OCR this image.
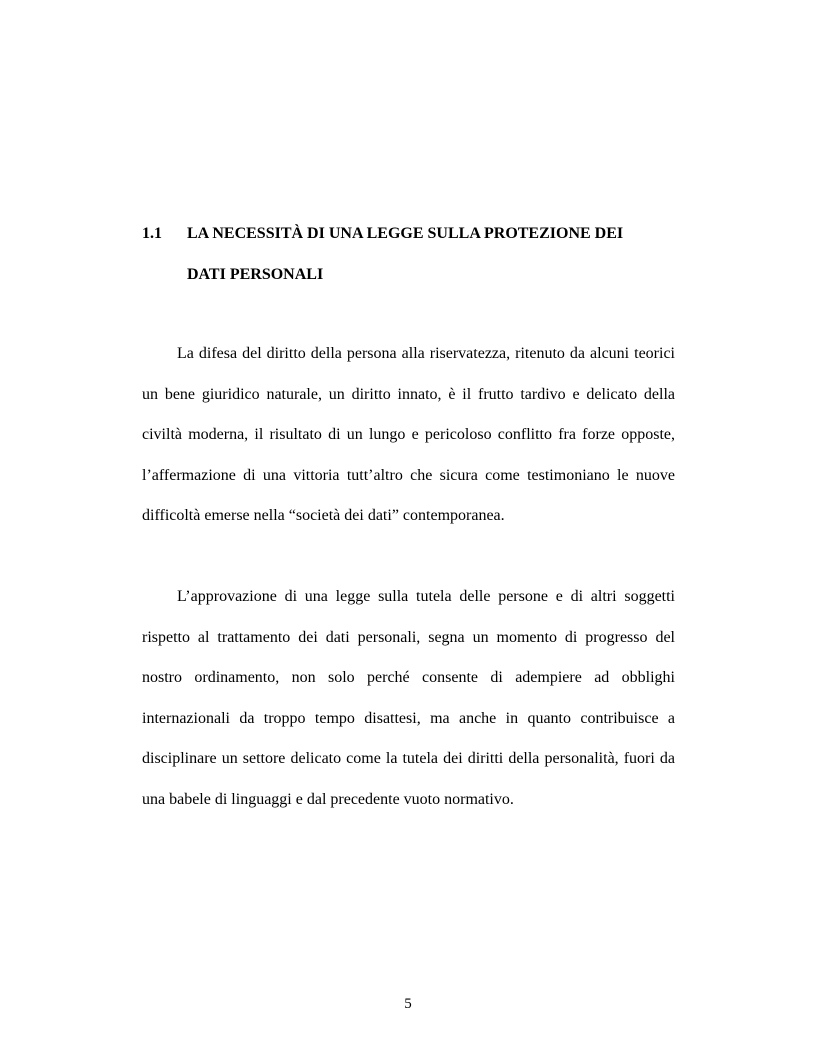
1.1 LA NECESSITÀ DI UNA LEGGE SULLA PROTEZIONE DEI
DATI PERSONALI

La difesa del diritto della persona alla riservatezza, ritenuto da alcuni teorici un bene giuridico naturale, un diritto innato, è il frutto tardivo e delicato della civiltà moderna, il risultato di un lungo e pericoloso conflitto fra forze opposte, l’affermazione di una vittoria tutt’altro che sicura come testimoniano le nuove difficoltà emerse nella “società dei dati” contemporanea.

L’approvazione di una legge sulla tutela delle persone e di altri soggetti rispetto al trattamento dei dati personali, segna un momento di progresso del nostro ordinamento, non solo perché consente di adempiere ad obblighi internazionali da troppo tempo disattesi, ma anche in quanto contribuisce a disciplinare un settore delicato come la tutela dei diritti della personalità, fuori da una babele di linguaggi e dal precedente vuoto normativo.

5
